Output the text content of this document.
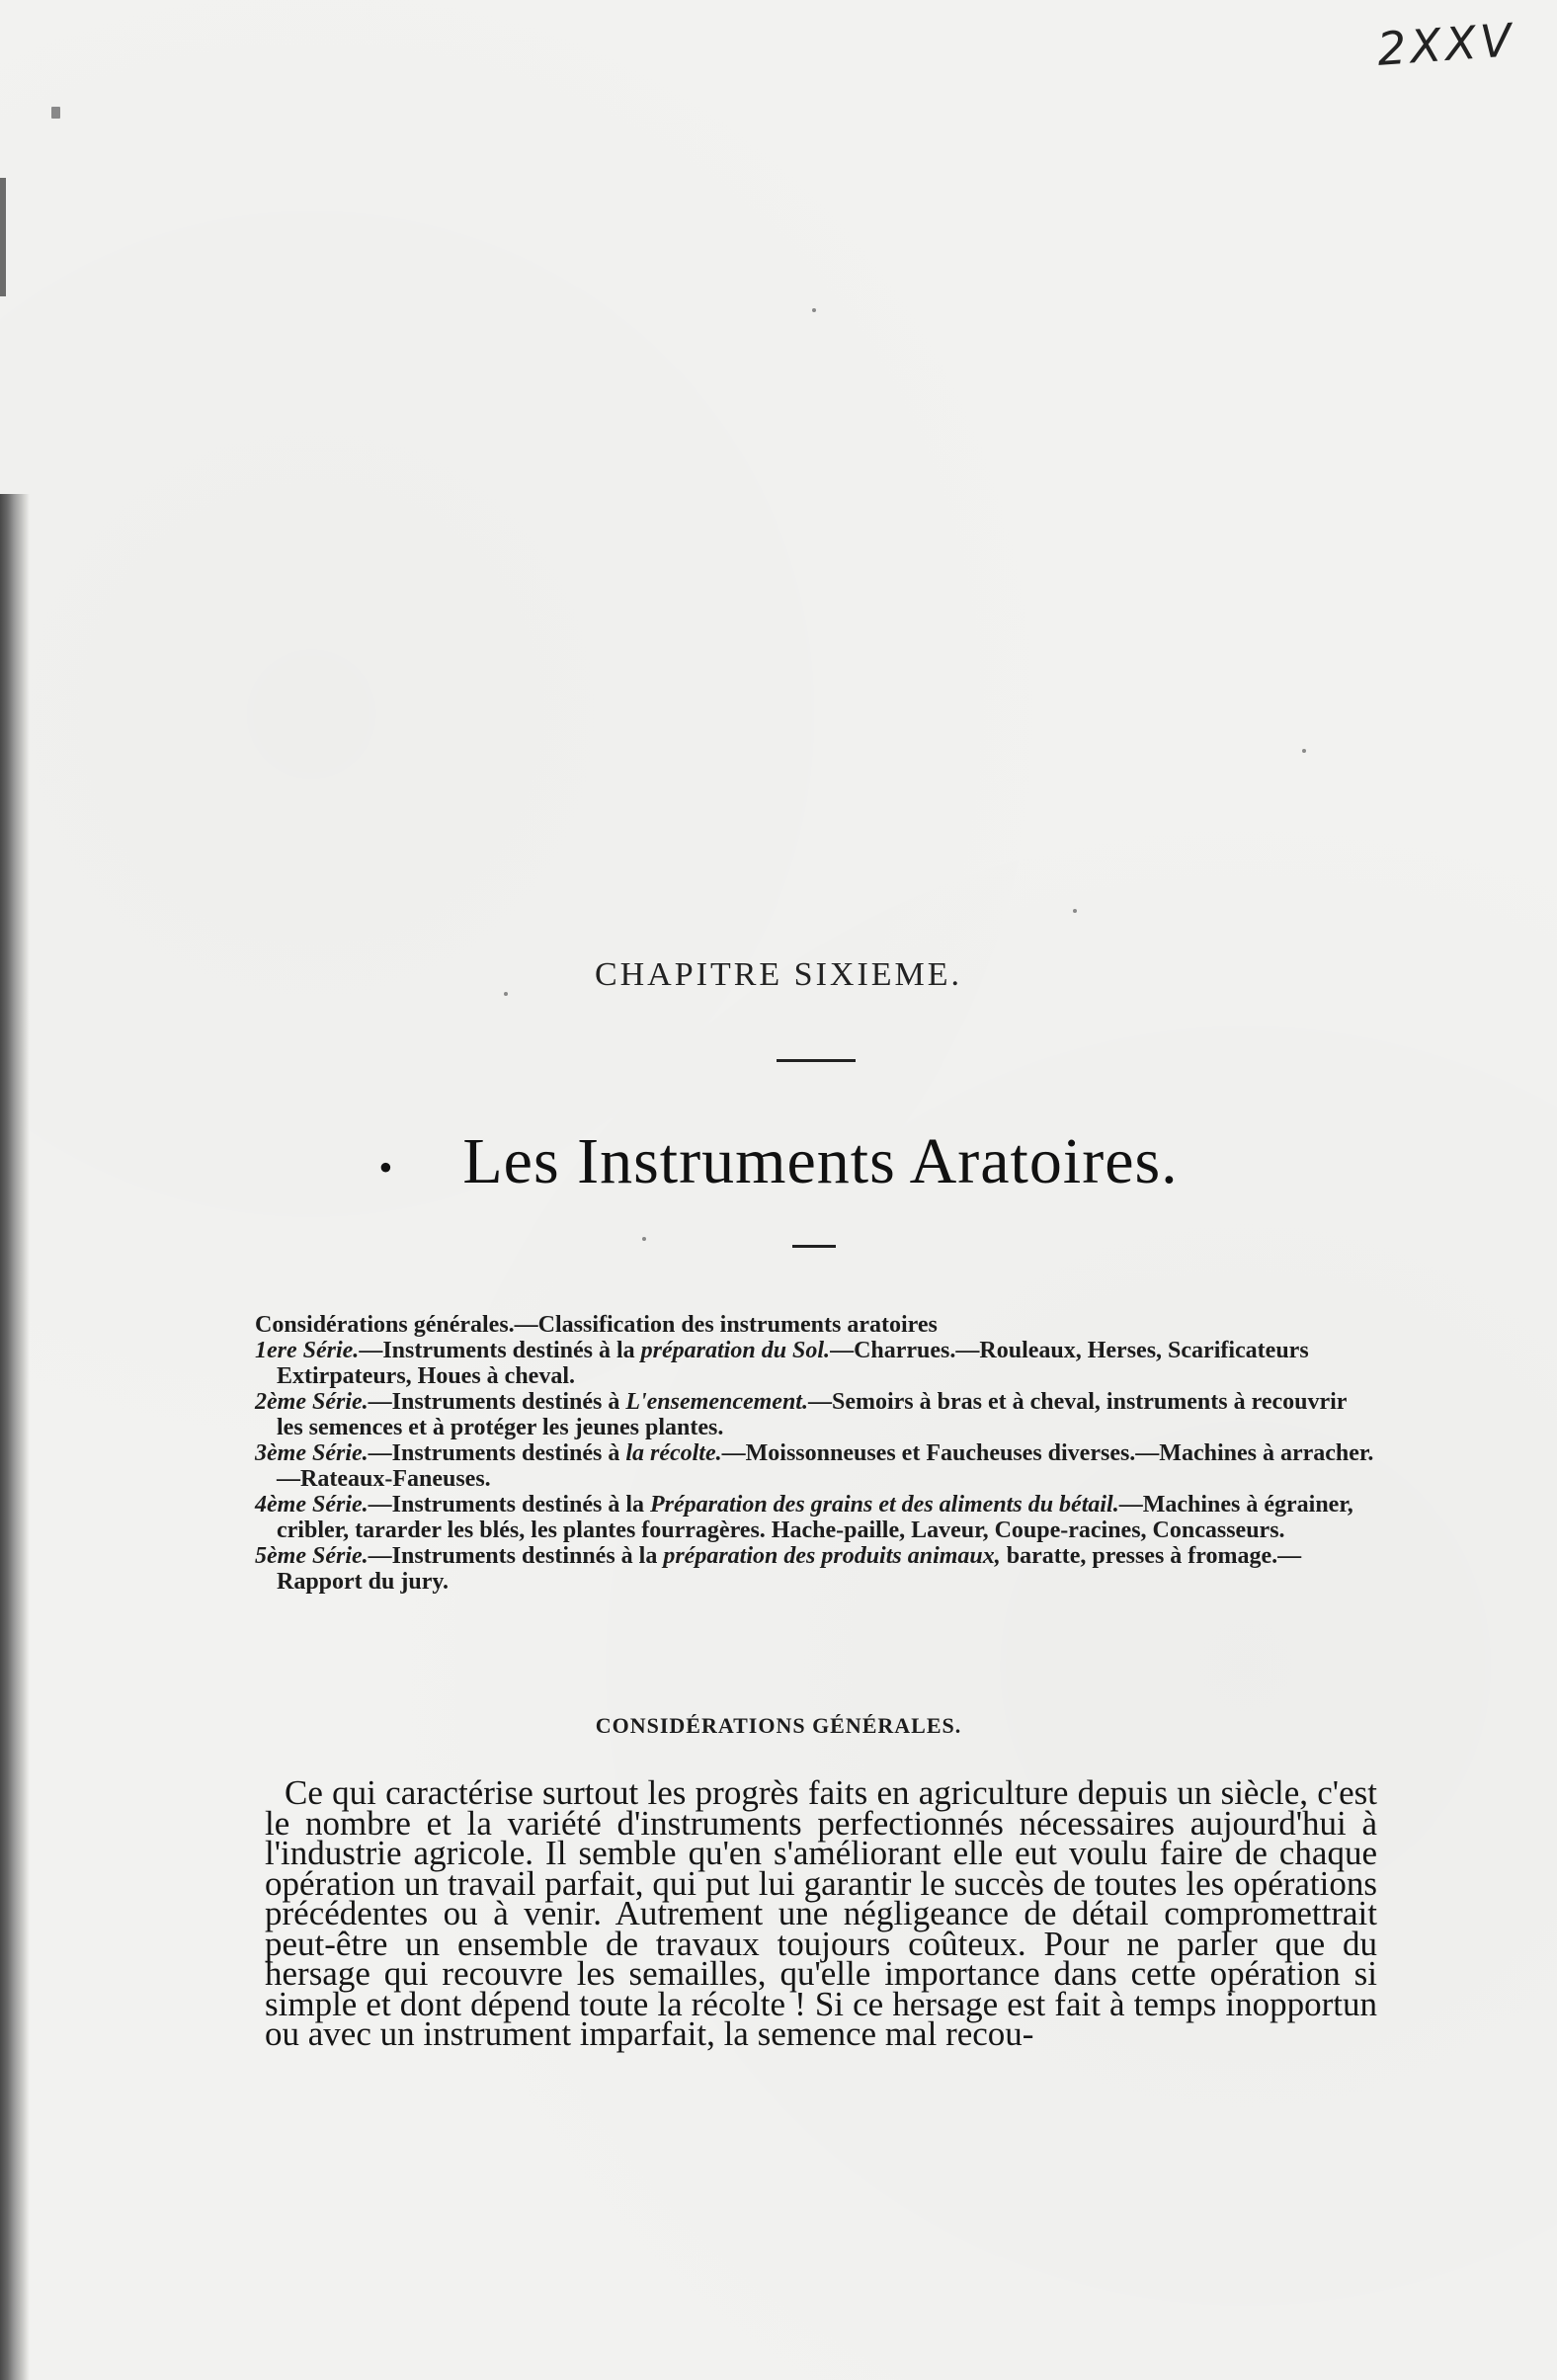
2XXV
CHAPITRE SIXIEME.
• Les Instruments Aratoires.

Considérations générales.—Classification des instruments aratoires

1ere Série.—Instruments destinés à la préparation du Sol.—Charrues.—Rouleaux, Herses, Scarificateurs Extirpateurs, Houes à cheval.

2ème Série.—Instruments destinés à L'ensemencement.—Semoirs à bras et à cheval, instruments à recouvrir les semences et à protéger les jeunes plantes.

3ème Série.—Instruments destinés à la récolte.—Moissonneuses et Faucheuses diverses.—Machines à arracher.—Rateaux-Faneuses.

4ème Série.—Instruments destinés à la Préparation des grains et des aliments du bétail.—Machines à égrainer, cribler, tararder les blés, les plantes fourragères. Hache-paille, Laveur, Coupe-racines, Concasseurs.

5ème Série.—Instruments destinnés à la préparation des produits animaux, baratte, presses à fromage.—Rapport du jury.

CONSIDÉRATIONS GÉNÉRALES.

Ce qui caractérise surtout les progrès faits en agriculture depuis un siècle, c'est le nombre et la variété d'instruments perfectionnés nécessaires aujourd'hui à l'industrie agricole. Il semble qu'en s'améliorant elle eut voulu faire de chaque opération un travail parfait, qui put lui garantir le succès de toutes les opérations précédentes ou à venir. Autrement une négligeance de détail compromettrait peut-être un ensemble de travaux toujours coûteux. Pour ne parler que du hersage qui recouvre les semailles, qu'elle importance dans cette opération si simple et dont dépend toute la récolte ! Si ce hersage est fait à temps inopportun ou avec un instrument imparfait, la semence mal recou-
